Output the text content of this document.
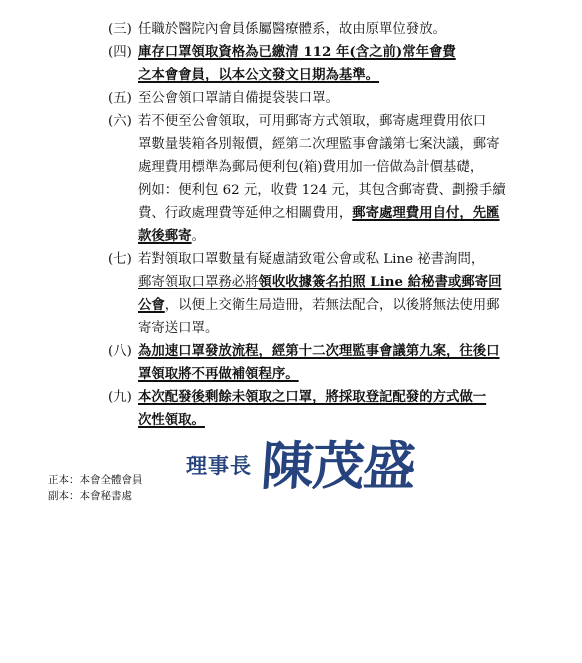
(三) 任職於醫院內會員係屬醫療體系，故由原單位發放。
(四) 庫存口罩領取資格為已繳清 112 年(含之前)常年會費
之本會會員，以本公文發文日期為基準。
(五) 至公會領口罩請自備提袋裝口罩。
(六) 若不便至公會領取，可用郵寄方式領取，郵寄處理費用依口
罩數量裝箱各別報價，經第二次理監事會議第七案決議，郵寄
處理費用標準為郵局便利包(箱)費用加一倍做為計價基礎，
例如：便利包 62 元，收費 124 元，其包含郵寄費、劃撥手續
費、行政處理費等延伸之相關費用，郵寄處理費用自付，先匯
款後郵寄。
(七) 若對領取口罩數量有疑慮請致電公會或私 Line 祕書詢問，
郵寄領取口罩務必將領收收據簽名拍照 Line 給秘書或郵寄回
公會，以便上交衛生局造冊，若無法配合，以後將無法使用郵
寄寄送口罩。
(八) 為加速口罩發放流程，經第十二次理監事會議第九案，往後口
罩領取將不再做補領程序。
(九) 本次配發後剩餘未領取之口罩，將採取登記配發的方式做一
次性領取。
正本：本會全體會員
副本：本會秘書處
理事長 陳茂盛
